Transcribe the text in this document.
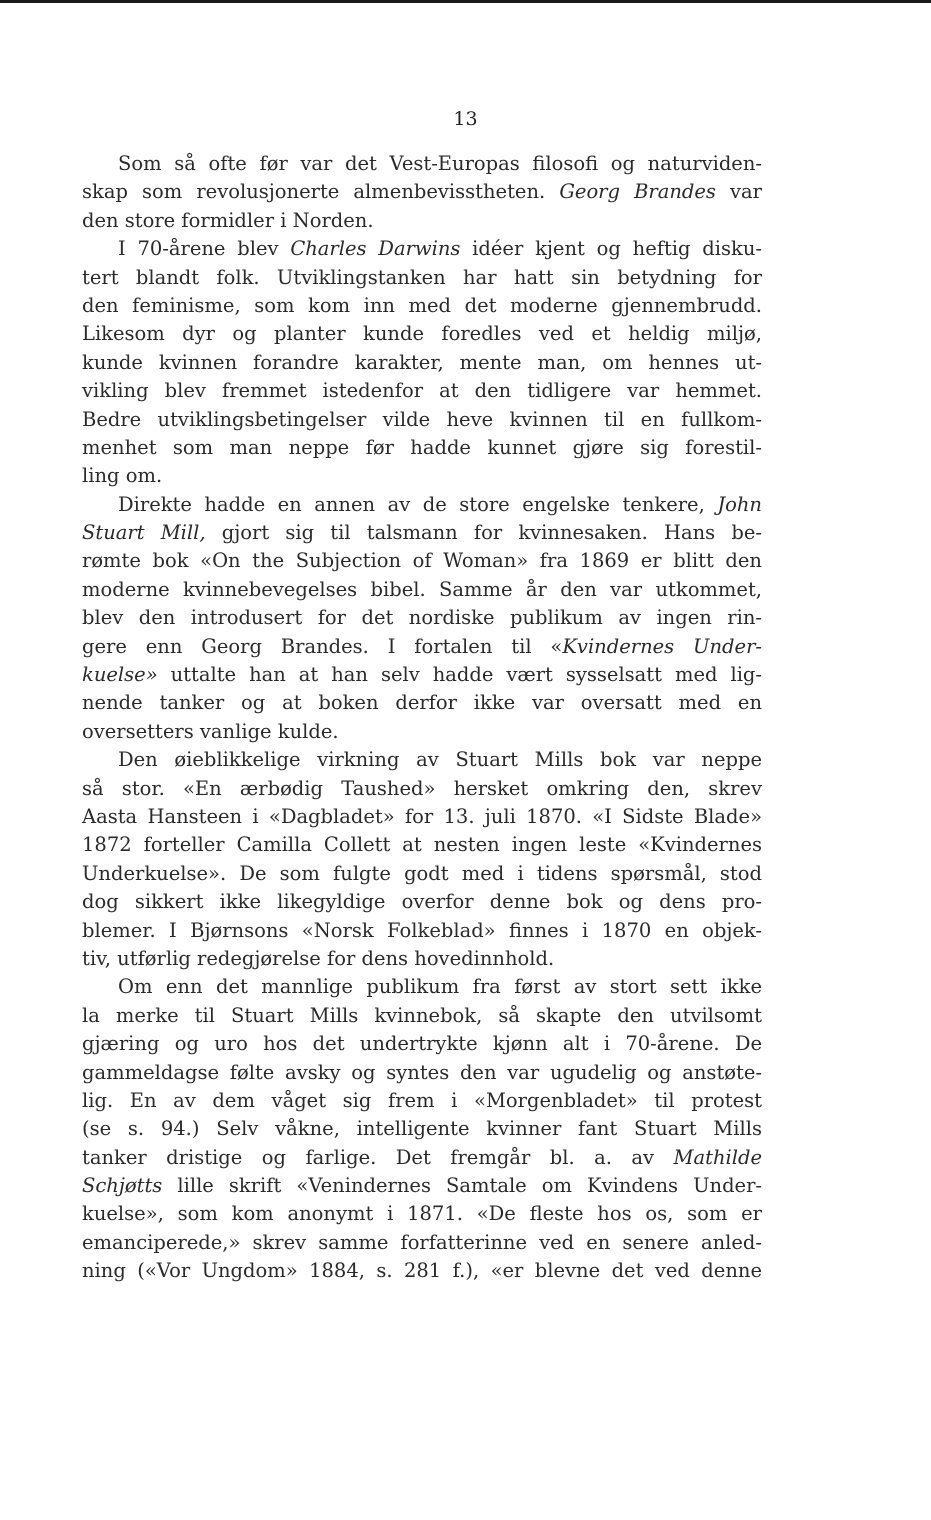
13
Som så ofte før var det Vest-Europas filosofi og naturviden-
skap som revolusjonerte almenbevisstheten. Georg Brandes var
den store formidler i Norden.
I 70-årene blev Charles Darwins idéer kjent og heftig disku-
tert blandt folk. Utviklingstanken har hatt sin betydning for
den feminisme, som kom inn med det moderne gjennembrudd.
Likesom dyr og planter kunde foredles ved et heldig miljø,
kunde kvinnen forandre karakter, mente man, om hennes ut-
vikling blev fremmet istedenfor at den tidligere var hemmet.
Bedre utviklingsbetingelser vilde heve kvinnen til en fullkom-
menhet som man neppe før hadde kunnet gjøre sig forestil-
ling om.
Direkte hadde en annen av de store engelske tenkere, John
Stuart Mill, gjort sig til talsmann for kvinnesaken. Hans be-
rømte bok «On the Subjection of Woman» fra 1869 er blitt den
moderne kvinnebevegelses bibel. Samme år den var utkommet,
blev den introdusert for det nordiske publikum av ingen rin-
gere enn Georg Brandes. I fortalen til «Kvindernes Under-
kuelse» uttalte han at han selv hadde vært sysselsatt med lig-
nende tanker og at boken derfor ikke var oversatt med en
oversetters vanlige kulde.
Den øieblikkelige virkning av Stuart Mills bok var neppe
så stor. «En ærbødig Taushed» hersket omkring den, skrev
Aasta Hansteen i «Dagbladet» for 13. juli 1870. «I Sidste Blade»
1872 forteller Camilla Collett at nesten ingen leste «Kvindernes
Underkuelse». De som fulgte godt med i tidens spørsmål, stod
dog sikkert ikke likegyldige overfor denne bok og dens pro-
blemer. I Bjørnsons «Norsk Folkeblad» finnes i 1870 en objek-
tiv, utførlig redegjørelse for dens hovedinnhold.
Om enn det mannlige publikum fra først av stort sett ikke
la merke til Stuart Mills kvinnebok, så skapte den utvilsomt
gjæring og uro hos det undertrykte kjønn alt i 70-årene. De
gammeldagse følte avsky og syntes den var ugudelig og anstøte-
lig. En av dem våget sig frem i «Morgenbladet» til protest
(se s. 94.) Selv våkne, intelligente kvinner fant Stuart Mills
tanker dristige og farlige. Det fremgår bl. a. av Mathilde
Schjøtts lille skrift «Venindernes Samtale om Kvindens Under-
kuelse», som kom anonymt i 1871. «De fleste hos os, som er
emanciperede,» skrev samme forfatterinne ved en senere anled-
ning («Vor Ungdom» 1884, s. 281 f.), «er blevne det ved denne
